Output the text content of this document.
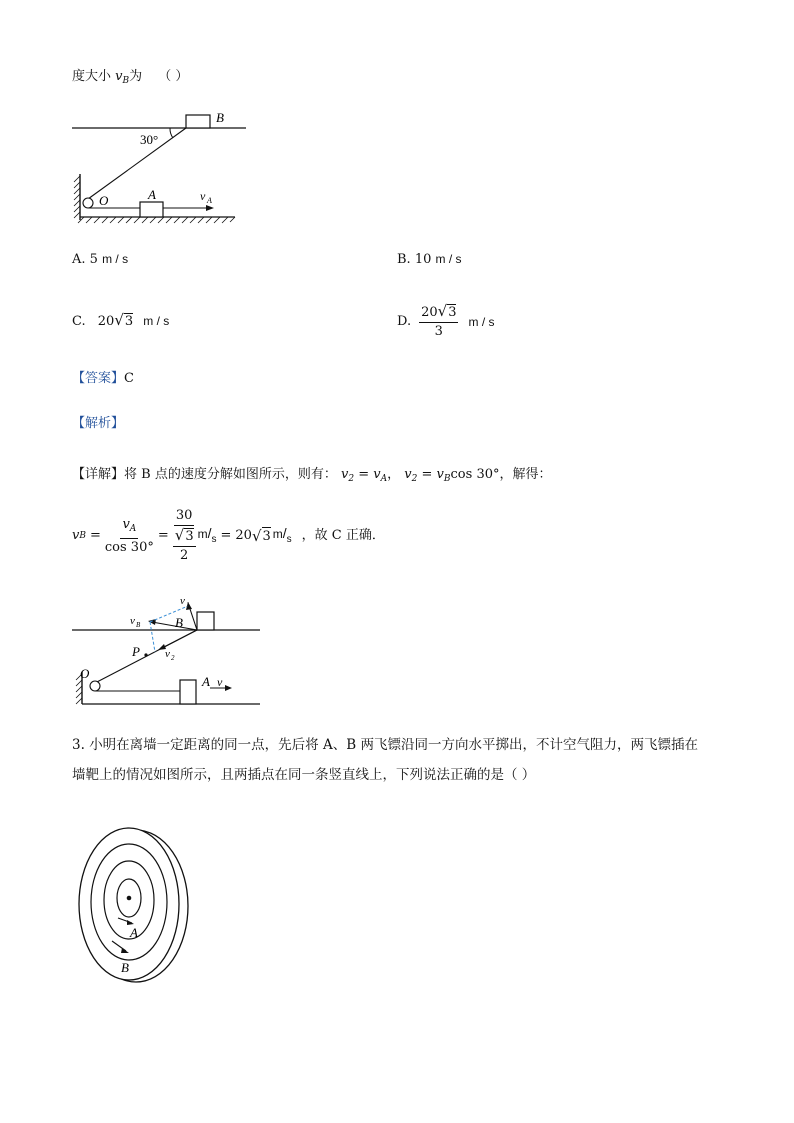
度大小 $v_B$为 （ ）
30°
B
O	A	v A
A. 5 m / s	B. 10 m / s
C. 20√3 m / s	D. $\frac{20√3}{3}$ m / s
【答案】C
【解析】
【详解】将 B 点的速度分解如图所示，则有： $v_2 = v_A$， $v_2 = v_B\cos$ 30°，解得：
v $B = \frac{v_A}{\cos 30^\circ} = \frac{30}{\frac{√3}{2}} m/_s = 20$ √ 3 $m/_s$ ，故 C 正确．
v 1
v B	B
P v 2
O
A v
3. 小明在离墙一定距离的同一点，先后将 A、B 两飞镖沿同一方向水平掷出，不计空气阻力，两飞镖插在
墙靶上的情况如图所示，且两插点在同一条竖直线上，下列说法正确的是（ ）
A
B
